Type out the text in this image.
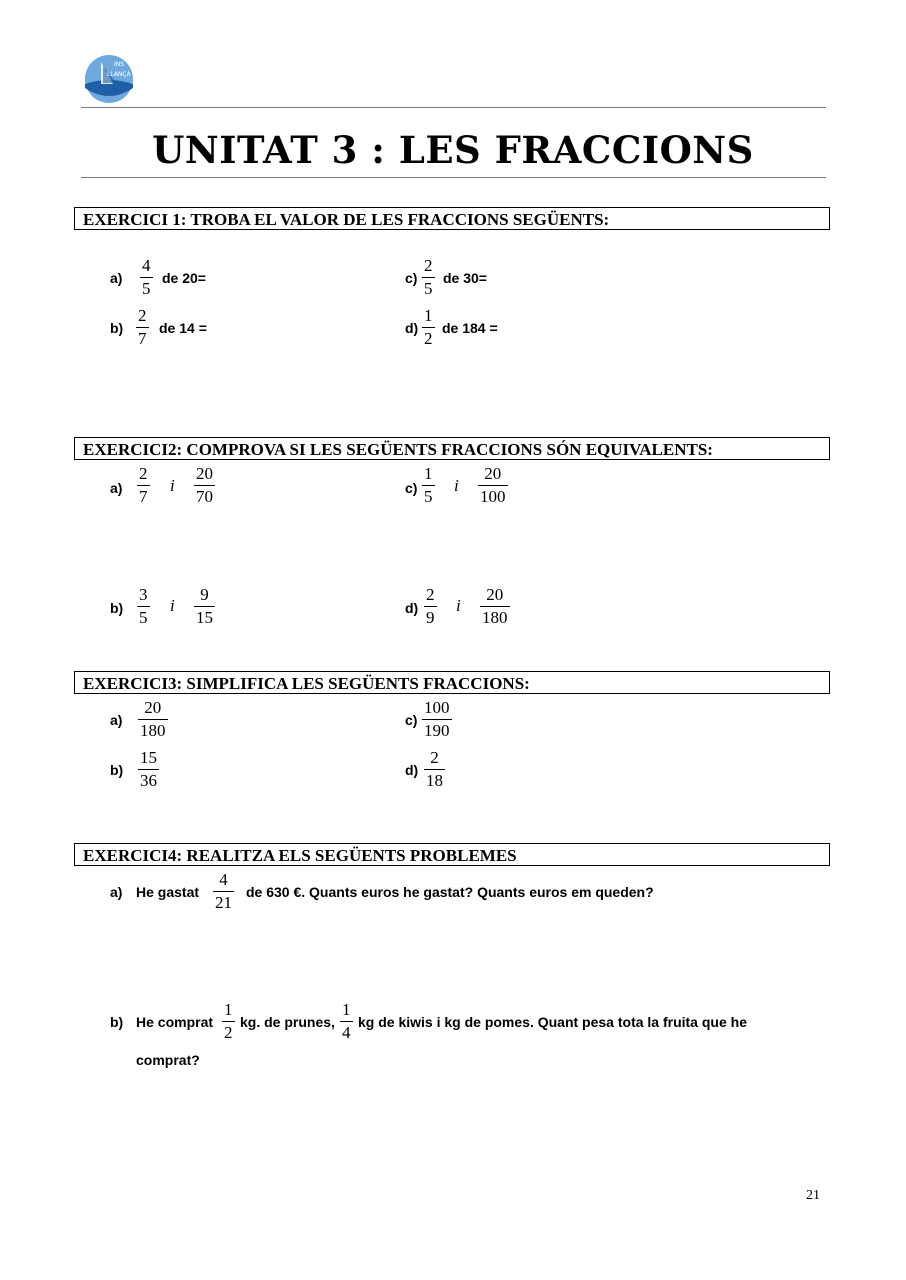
INS
LLANÇÀ
UNITAT 3 : LES FRACCIONS
EXERCICI 1: TROBA EL VALOR DE LES FRACCIONS SEGÜENTS:
a)
4
5
de 20=
b)
2
7
de 14 =
c)
2
5
de 30=
d)
1
2
de 184 =
EXERCICI2: COMPROVA SI LES SEGÜENTS FRACCIONS SÓN EQUIVALENTS:
a)
2
7
i
20
70
b)
3
5
i
9
15
c)
1
5
i
20
100
d)
2
9
i
20
180
EXERCICI3: SIMPLIFICA LES SEGÜENTS FRACCIONS:
a)
20
180
b)
15
36
c)
100
190
d)
2
18
EXERCICI4: REALITZA ELS SEGÜENTS PROBLEMES
a) He gastat
4
21
de 630 €. Quants euros he gastat? Quants euros em queden?
b) He comprat
1
2
kg. de prunes,
1
4
kg de kiwis i kg de pomes. Quant pesa tota la fruita que he
comprat?
21
